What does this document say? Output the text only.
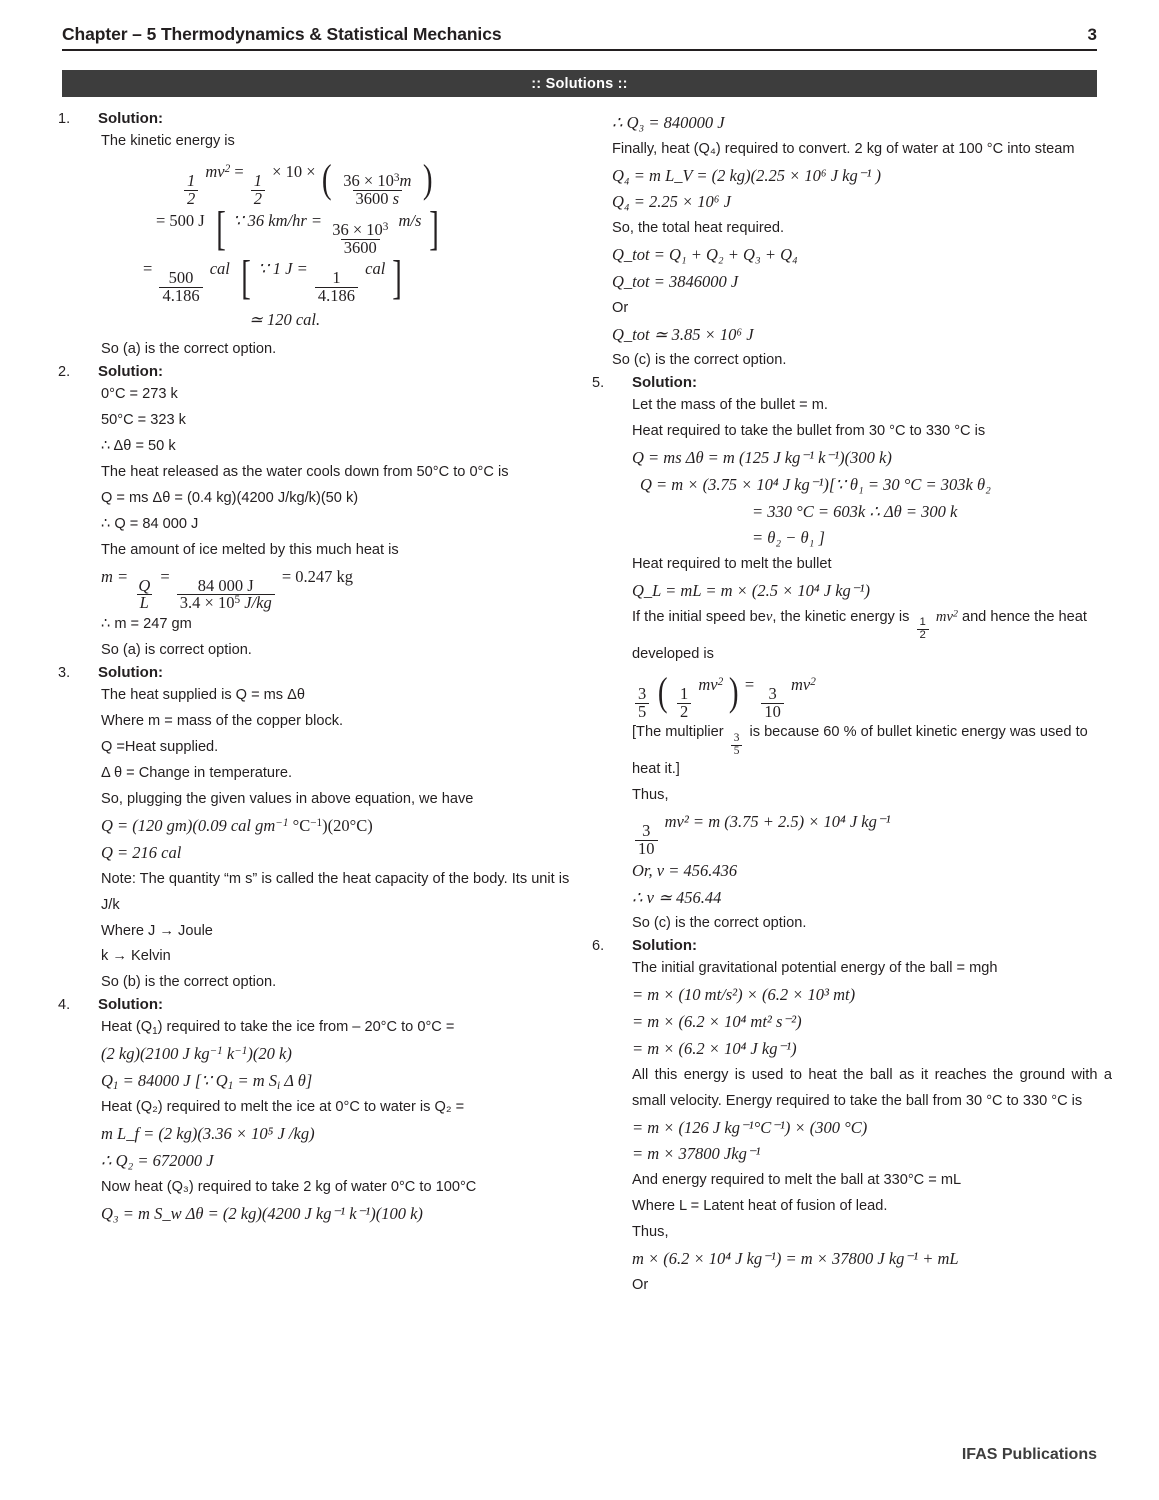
Chapter – 5 Thermodynamics & Statistical Mechanics	3
:: Solutions ::
1.	Solution:
The kinetic energy is
$\frac{1}{2}$
$mv^2$ =
$\frac{1}{2}$
× 10 × ( $\frac{36 \times 10^3m}{3600 s}$ )
= 500 J [ ∵ 36 km/hr =
$\frac{36 \times 10^3}{3600}$
m/s ]
=
$\frac{500}{4.186}$
cal [ ∵ 1 J =
$\frac{1}{4.186}$
cal ]
≃ 120 cal.
So (a) is the correct option.
2.	Solution:
0°C = 273 k
50°C = 323 k
∴ Δθ = 50 k
The heat released as the water cools down from 50°C to 0°C is
Q = ms Δθ = (0.4 kg)(4200 J/kg/k)(50 k)
∴ Q = 84 000 J
The amount of ice melted by this much heat is
m =
$\frac{Q}{L}$
=
$\frac{84 000 J}{3.4 \times 10^5 J/kg}$
= 0.247 kg
∴ m = 247 gm
So (a) is correct option.
3.	Solution:
The heat supplied is Q = ms Δθ
Where m = mass of the copper block.
Q =Heat supplied.
Δ θ = Change in temperature.
So, plugging the given values in above equation, we have
Q = (120 gm)(0.09 cal $gm^{-1}$ $^\circ C^{-1})(20^\circ C)$
Q = 216 cal
Note: The quantity “m s” is called the heat capacity of the body. Its unit is J/k
Where J → Joule
k → Kelvin
So (b) is the correct option.
4.	Solution:
Heat $(Q_1)$ required to take the ice from – 20°C to 0°C =
(2 kg)(2100 J $kg^{-1}$ $k^{-1})(20$ k)
$Q_1 = 84000$ J [∵ $Q_1 = m$ $S_i$ Δ θ]
Heat (Q₂) required to melt the ice at 0°C to water is Q₂ =
m L_f = (2 kg)(3.36 × 10⁵ J /kg)
∴ Q₂ = 672000 J
Now heat (Q₃) required to take 2 kg of water 0°C to 100°C
Q₃ = m S_w Δθ = (2 kg)(4200 J kg⁻¹ k⁻¹)(100 k)
∴ Q₃ = 840000 J
Finally, heat (Q₄) required to convert. 2 kg of water at 100 °C into steam
Q₄ = m L_V = (2 kg)(2.25 × 10⁶ J kg⁻¹ )
Q₄ = 2.25 × 10⁶ J
So, the total heat required.
Q_tot = Q₁ + Q₂ + Q₃ + Q₄
Q_tot = 3846000 J
Or
Q_tot ≃ 3.85 × 10⁶ J
So (c) is the correct option.
5.	Solution:
Let the mass of the bullet = m.
Heat required to take the bullet from 30 °C to 330 °C is
Q = ms Δθ = m (125 J kg⁻¹ k⁻¹)(300 k)
Q = m × (3.75 × 10⁴ J kg⁻¹)[∵ θ₁ = 30 °C = 303k θ₂
= 330 °C = 603k ∴ Δθ = 300 k
= θ₂ − θ₁ ]
Heat required to melt the bullet
Q_L = mL = m × (2.5 × 10⁴ J kg⁻¹)
If the initial speed bev, the kinetic energy is
$\frac{1}{2}$
$mv^2$ and hence the heat developed is
$\frac{3}{5}$ ( $\frac{1}{2}$
$mv^2$ ) =
$\frac{3}{10}$
$mv^2$
[The multiplier
$\frac{3}{5}$
is because 60 % of bullet kinetic energy was used to heat it.]
Thus,
$\frac{3}{10}$
mv² = m (3.75 + 2.5) × 10⁴ J kg⁻¹
Or, v = 456.436
∴ v ≃ 456.44
So (c) is the correct option.
6.	Solution:
The initial gravitational potential energy of the ball = mgh
= m × (10 mt/s²) × (6.2 × 10³ mt)
= m × (6.2 × 10⁴ mt² s⁻²)
= m × (6.2 × 10⁴ J kg⁻¹)
All this energy is used to heat the ball as it reaches the ground with a small velocity. Energy required to take the ball from 30 °C to 330 °C is
= m × (126 J kg⁻¹°C⁻¹) × (300 °C)
= m × 37800 Jkg⁻¹
And energy required to melt the ball at 330°C = mL
Where L = Latent heat of fusion of lead.
Thus,
m × (6.2 × 10⁴ J kg⁻¹) = m × 37800 J kg⁻¹ + mL
Or
IFAS Publications
